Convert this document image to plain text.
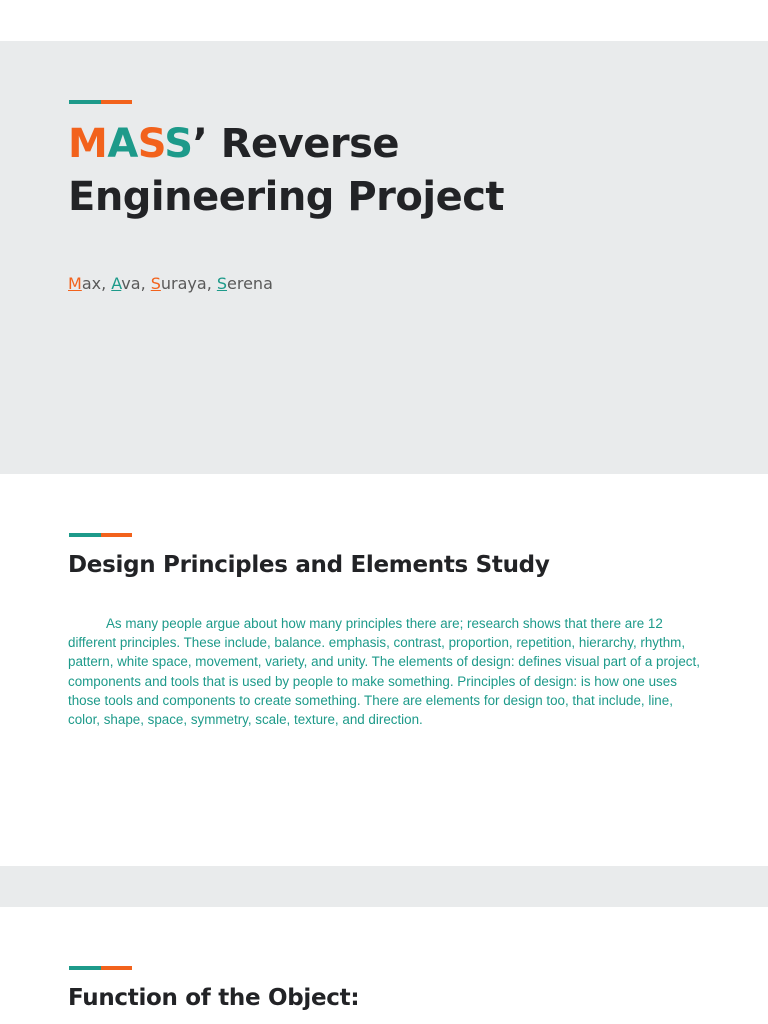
MASS’ Reverse
Engineering Project
Max, Ava, Suraya, Serena
Design Principles and Elements Study

As many people argue about how many principles there are; research shows that there are 12 different principles. These include, balance. emphasis, contrast, proportion, repetition, hierarchy, rhythm, pattern, white space, movement, variety, and unity. The elements of design: defines visual part of a project, components and tools that is used by people to make something. Principles of design: is how one uses those tools and components to create something. There are elements for design too, that include, line, color, shape, space, symmetry, scale, texture, and direction.

Function of the Object:
